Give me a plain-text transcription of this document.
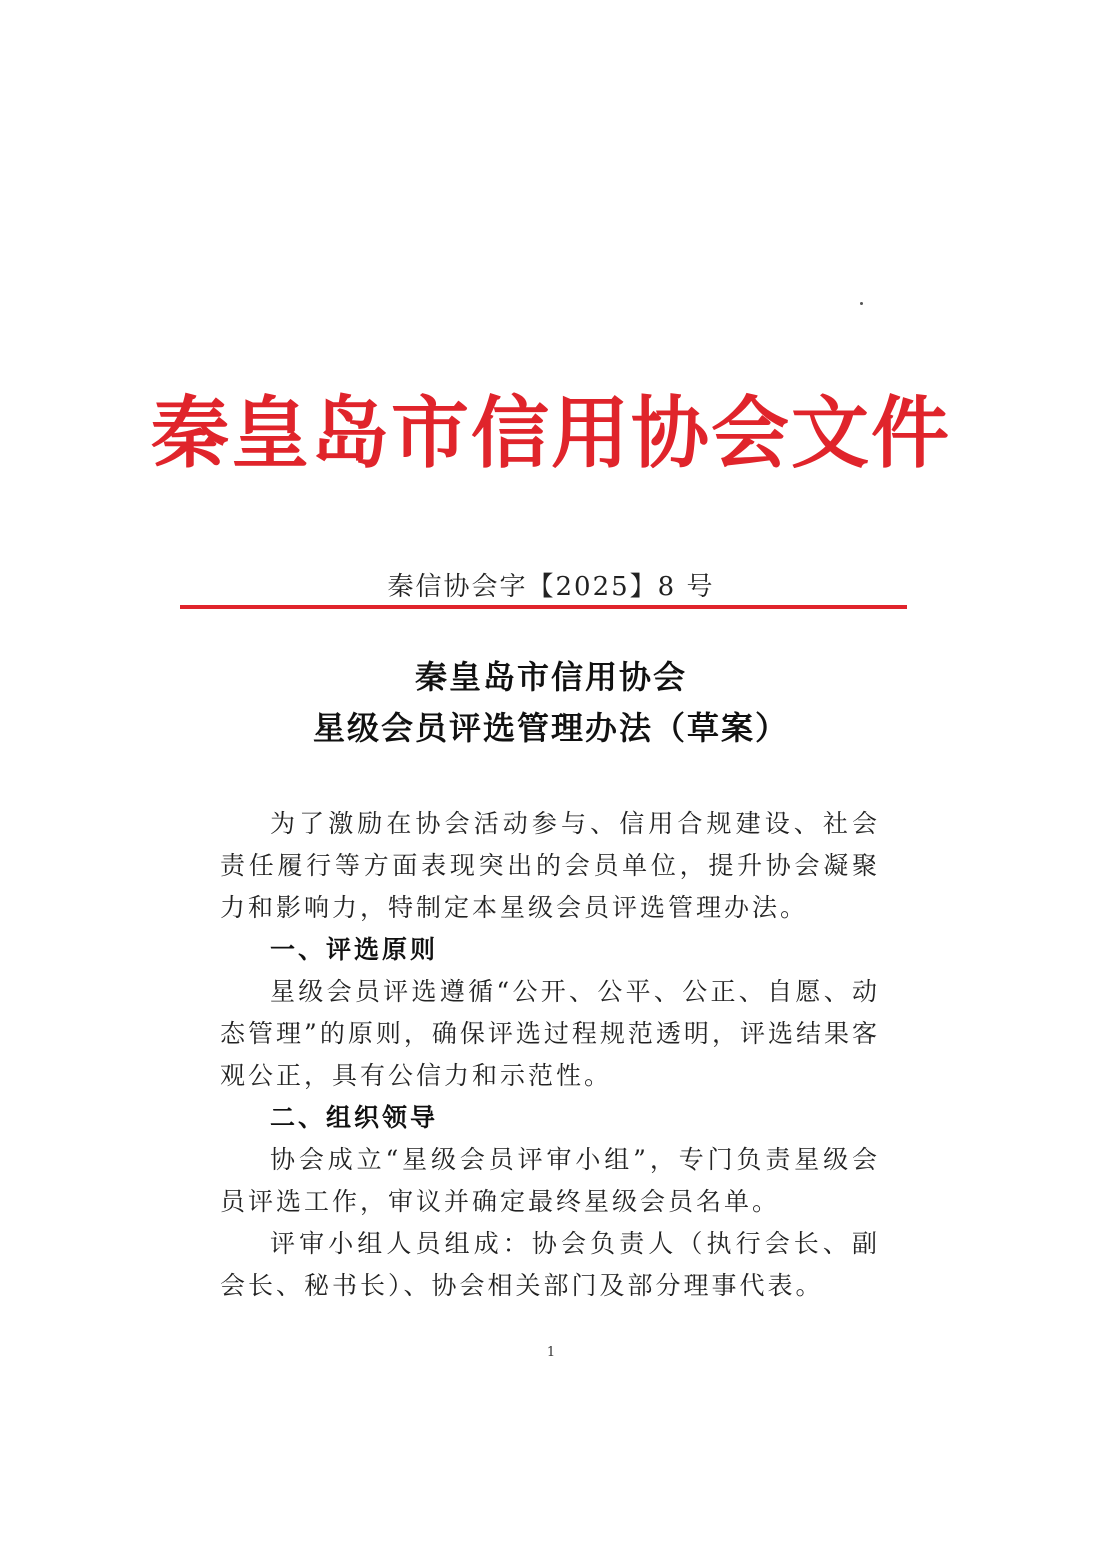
秦皇岛市信用协会文件
秦信协会字【2025】8 号
秦皇岛市信用协会
星级会员评选管理办法（草案）

为了激励在协会活动参与、信用合规建设、社会责任履行等方面表现突出的会员单位，提升协会凝聚力和影响力，特制定本星级会员评选管理办法。

一、评选原则

星级会员评选遵循“公开、公平、公正、自愿、动态管理”的原则，确保评选过程规范透明，评选结果客观公正，具有公信力和示范性。

二、组织领导

协会成立“星级会员评审小组”，专门负责星级会员评选工作，审议并确定最终星级会员名单。

评审小组人员组成：协会负责人（执行会长、副会长、秘书长）、协会相关部门及部分理事代表。

1
